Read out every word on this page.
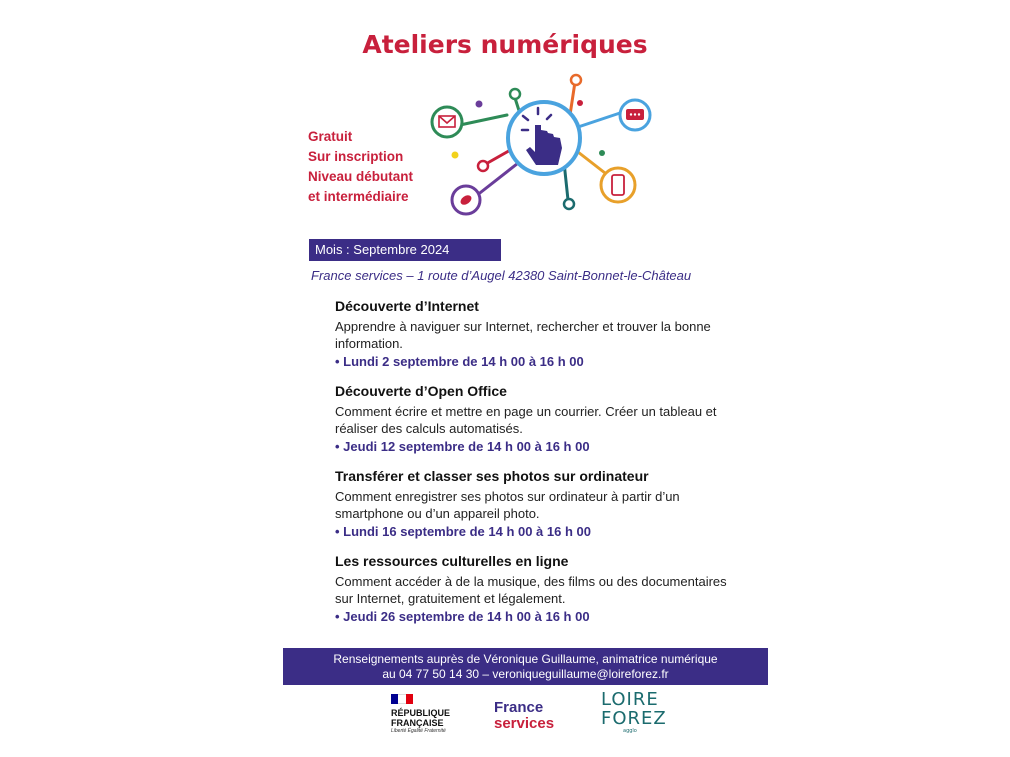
Ateliers numériques
Gratuit
Sur inscription
Niveau débutant
et intermédiaire
Mois : Septembre 2024
France services – 1 route d’Augel 42380 Saint-Bonnet-le-Château
Découverte d’Internet

Apprendre à naviguer sur Internet, rechercher et trouver la bonne information.

• Lundi 2 septembre de 14 h 00 à 16 h 00
Découverte d’Open Office

Comment écrire et mettre en page un courrier. Créer un tableau et réaliser des calculs automatisés.

• Jeudi 12 septembre de 14 h 00 à 16 h 00
Transférer et classer ses photos sur ordinateur

Comment enregistrer ses photos sur ordinateur à partir d’un smartphone ou d’un appareil photo.

• Lundi 16 septembre de 14 h 00 à 16 h 00
Les ressources culturelles en ligne

Comment accéder à de la musique, des films ou des documentaires sur Internet, gratuitement et légalement.

• Jeudi 26 septembre de 14 h 00 à 16 h 00
Renseignements auprès de Véronique Guillaume, animatrice numérique
au 04 77 50 14 30 – veroniqueguillaume@loireforez.fr
RÉPUBLIQUE
FRANÇAISE
Liberté Égalité Fraternité
France
services
LOIRE
FOREZ
agglo
